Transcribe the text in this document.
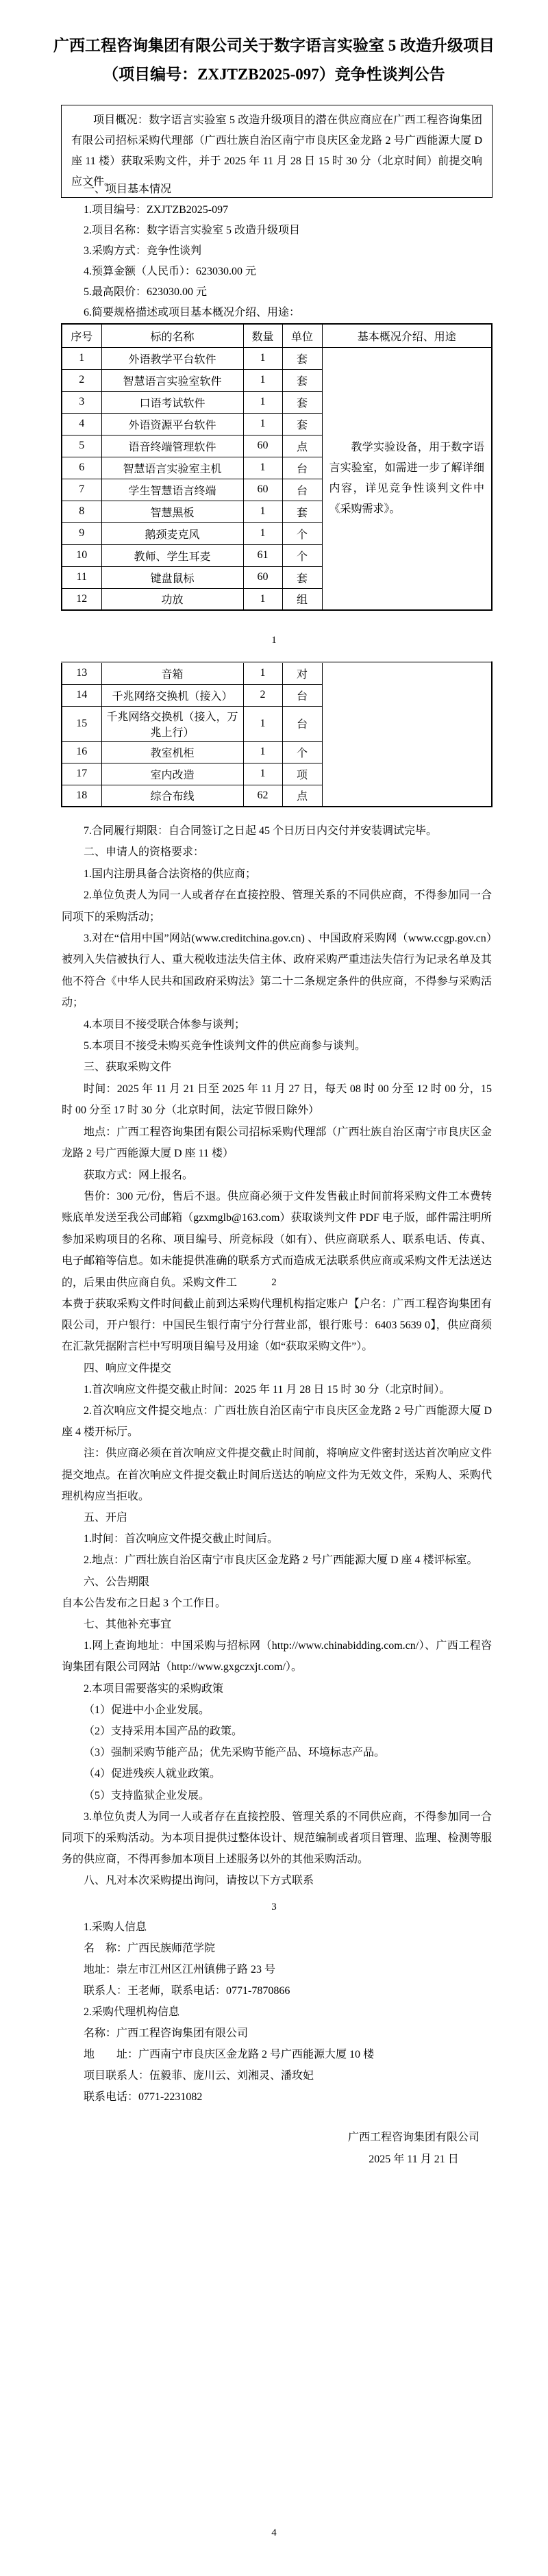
广西工程咨询集团有限公司关于数字语言实验室 5 改造升级项目
（项目编号：ZXJTZB2025-097）竞争性谈判公告

项目概况：数字语言实验室 5 改造升级项目的潜在供应商应在广西工程咨询集团有限公司招标采购代理部（广西壮族自治区南宁市良庆区金龙路 2 号广西能源大厦 D 座 11 楼）获取采购文件，并于 2025 年 11 月 28 日 15 时 30 分（北京时间）前提交响应文件。

一、项目基本情况

1.项目编号：ZXJTZB2025-097

2.项目名称：数字语言实验室 5 改造升级项目

3.采购方式：竞争性谈判

4.预算金额（人民币）：623030.00 元

5.最高限价：623030.00 元

6.简要规格描述或项目基本概况介绍、用途：

序号	标的名称	数量	单位	基本概况介绍、用途
1	外语教学平台软件	1	套	教学实验设备，用于数字语言实验室，如需进一步了解详细内容，详见竞争性谈判文件中《采购需求》。

2	智慧语言实验室软件	1	套	
3	口语考试软件	1	套	
4	外语资源平台软件	1	套	
5	语音终端管理软件	60	点	
6	智慧语言实验室主机	1	台	
7	学生智慧语言终端	60	台	
8	智慧黑板	1	套	
9	鹅颈麦克风	1	个	
10	教师、学生耳麦	61	个	
11	键盘鼠标	60	套	
12	功放	1	组	
1
13	音箱	1	对	
14	千兆网络交换机（接入）	2	台	
15	千兆网络交换机（接入，万兆上行）	1	台	
16	教室机柜	1	个	
17	室内改造	1	项	
18	综合布线	62	点	

7.合同履行期限：自合同签订之日起 45 个日历日内交付并安装调试完毕。

二、申请人的资格要求：

1.国内注册具备合法资格的供应商；

2.单位负责人为同一人或者存在直接控股、管理关系的不同供应商，不得参加同一合同项下的采购活动；

3.对在“信用中国”网站(www.creditchina.gov.cn) 、中国政府采购网（www.ccgp.gov.cn）被列入失信被执行人、重大税收违法失信主体、政府采购严重违法失信行为记录名单及其他不符合《中华人民共和国政府采购法》第二十二条规定条件的供应商，不得参与采购活动；

4.本项目不接受联合体参与谈判；

5.本项目不接受未购买竞争性谈判文件的供应商参与谈判。

三、获取采购文件

时间：2025 年 11 月 21 日至 2025 年 11 月 27 日，每天 08 时 00 分至 12 时 00 分，15 时 00 分至 17 时 30 分（北京时间，法定节假日除外）

地点：广西工程咨询集团有限公司招标采购代理部（广西壮族自治区南宁市良庆区金龙路 2 号广西能源大厦 D 座 11 楼）

获取方式：网上报名。

售价：300 元/份，售后不退。供应商必须于文件发售截止时间前将采购文件工本费转账底单发送至我公司邮箱（gzxmglb@163.com）获取谈判文件 PDF 电子版，邮件需注明所参加采购项目的名称、项目编号、所竞标段（如有）、供应商联系人、联系电话、传真、电子邮箱等信息。如未能提供准确的联系方式而造成无法联系供应商或采购文件无法送达的，后果由供应商自负。采购文件工	2

本费于获取采购文件时间截止前到达采购代理机构指定账户【户名：广西工程咨询集团有限公司，开户银行：中国民生银行南宁分行营业部，银行账号：6403 5639 0】，供应商须在汇款凭据附言栏中写明项目编号及用途（如“获取采购文件”）。

四、响应文件提交

1.首次响应文件提交截止时间：2025 年 11 月 28 日 15 时 30 分（北京时间）。

2.首次响应文件提交地点：广西壮族自治区南宁市良庆区金龙路 2 号广西能源大厦 D 座 4 楼开标厅。

注：供应商必须在首次响应文件提交截止时间前，将响应文件密封送达首次响应文件提交地点。在首次响应文件提交截止时间后送达的响应文件为无效文件，采购人、采购代理机构应当拒收。

五、开启

1.时间：首次响应文件提交截止时间后。

2.地点：广西壮族自治区南宁市良庆区金龙路 2 号广西能源大厦 D 座 4 楼评标室。

六、公告期限

自本公告发布之日起 3 个工作日。

七、其他补充事宜

1.网上查询地址：中国采购与招标网（http://www.chinabidding.com.cn/）、广西工程咨询集团有限公司网站（http://www.gxgczxjt.com/）。

2.本项目需要落实的采购政策

（1）促进中小企业发展。

（2）支持采用本国产品的政策。

（3）强制采购节能产品；优先采购节能产品、环境标志产品。

（4）促进残疾人就业政策。

（5）支持监狱企业发展。

3.单位负责人为同一人或者存在直接控股、管理关系的不同供应商，不得参加同一合同项下的采购活动。为本项目提供过整体设计、规范编制或者项目管理、监理、检测等服务的供应商，不得再参加本项目上述服务以外的其他采购活动。

八、凡对本次采购提出询问，请按以下方式联系

3

1.采购人信息

名　称：广西民族师范学院

地址：崇左市江州区江州镇佛子路 23 号

联系人：王老师，联系电话：0771-7870866

2.采购代理机构信息

名称：广西工程咨询集团有限公司

地　　址：广西南宁市良庆区金龙路 2 号广西能源大厦 10 楼

项目联系人：伍毅菲、庞川云、刘湘灵、潘玫妃

联系电话：0771-2231082

广西工程咨询集团有限公司

2025 年 11 月 21 日

4
